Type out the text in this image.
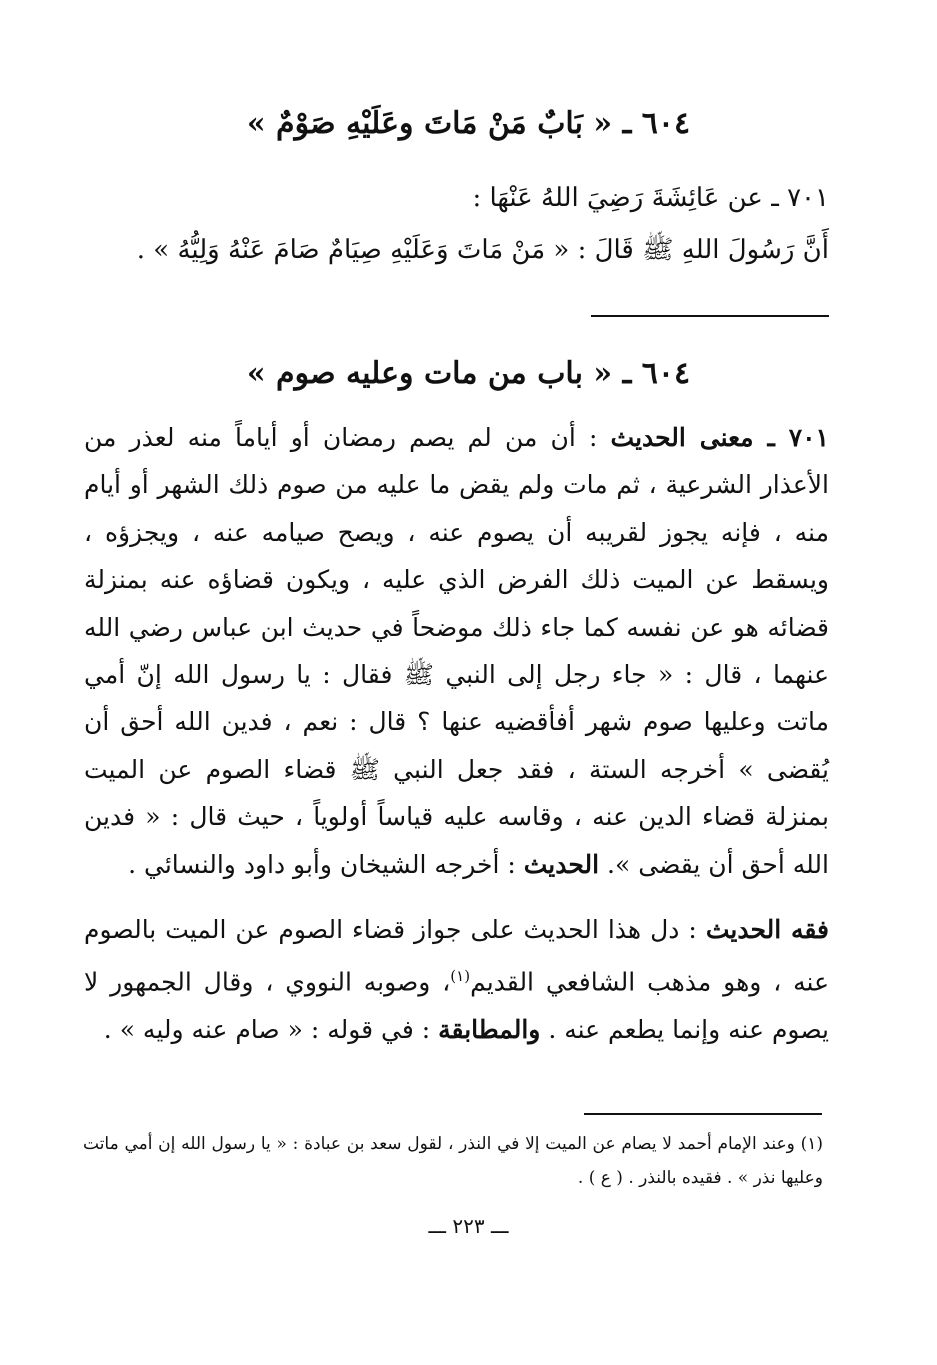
٦٠٤ ـ « بَابٌ مَنْ مَاتَ وعَلَيْهِ صَوْمٌ »

٧٠١ ـ عن عَائِشَةَ رَضِيَ اللهُ عَنْهَا :

أَنَّ رَسُولَ اللهِ ﷺ قَالَ : « مَنْ مَاتَ وَعَلَيْهِ صِيَامٌ صَامَ عَنْهُ وَلِيُّهُ » .

٦٠٤ ـ « باب من مات وعليه صوم »
٧٠١ ـ معنى الحديث : أن من لم يصم رمضان أو أياماً منه لعذر من الأعذار الشرعية ، ثم مات ولم يقض ما عليه من صوم ذلك الشهر أو أيام منه ، فإنه يجوز لقريبه أن يصوم عنه ، ويصح صيامه عنه ، ويجزؤه ، ويسقط عن الميت ذلك الفرض الذي عليه ، ويكون قضاؤه عنه بمنزلة قضائه هو عن نفسه كما جاء ذلك موضحاً في حديث ابن عباس رضي الله عنهما ، قال : « جاء رجل إلى النبي ﷺ فقال : يا رسول الله إنّ أمي ماتت وعليها صوم شهر أفأقضيه عنها ؟ قال : نعم ، فدين الله أحق أن يُقضى » أخرجه الستة ، فقد جعل النبي ﷺ قضاء الصوم عن الميت بمنزلة قضاء الدين عنه ، وقاسه عليه قياساً أولوياً ، حيث قال : « فدين الله أحق أن يقضى ». الحديث : أخرجه الشيخان وأبو داود والنسائي .
فقه الحديث : دل هذا الحديث على جواز قضاء الصوم عن الميت بالصوم عنه ، وهو مذهب الشافعي القديم$^{(١)}$، وصوبه النووي ، وقال الجمهور لا يصوم عنه وإنما يطعم عنه . والمطابقة : في قوله : « صام عنه وليه » .
(١) وعند الإمام أحمد لا يصام عن الميت إلا في النذر ، لقول سعد بن عبادة : « يا رسول الله إن أمي ماتت وعليها نذر » . فقيده بالنذر . ( ع ) .
ـــ ٢٢٣ ـــ
